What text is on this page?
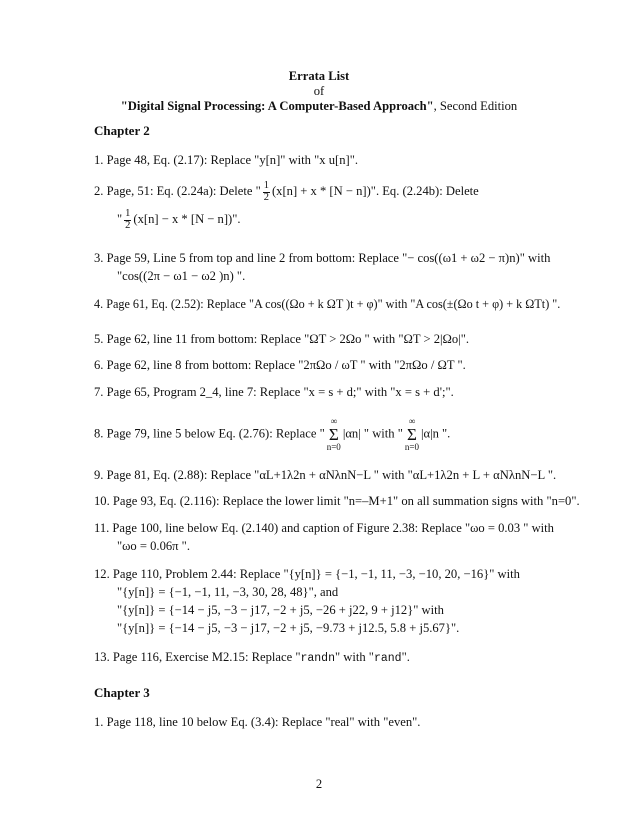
Errata List
of
"Digital Signal Processing: A Computer-Based Approach", Second Edition
Chapter 2
1. Page 48, Eq. (2.17): Replace "y[n]" with "x u[n]".
2. Page, 51: Eq. (2.24a): Delete " $\frac{1}{2} (x[n] + x * [N - n])$". Eq. (2.24b): Delete
" $\frac{1}{2} (x[n] - x * [N - n])$".
3. Page 59, Line 5 from top and line 2 from bottom: Replace "− cos((ω1 + ω2 − π)n)" with
"cos((2π − ω1 − ω2 )n) ".
4. Page 61, Eq. (2.52): Replace "A cos((Ωo + k ΩT )t + φ)" with "A cos(±(Ωo t + φ) + k ΩTt) ".
5. Page 62, line 11 from bottom: Replace "ΩT > 2Ωo " with "ΩT > 2|Ωo|".
6. Page 62, line 8 from bottom: Replace "2πΩo / ωT " with "2πΩo / ΩT ".
7. Page 65, Program 2_4, line 7: Replace "x = s + d;" with "x = s + d';".
8. Page 79, line 5 below Eq. (2.76): Replace "
∞
Σ
n=0
|αn| " with "
∞
Σ
n=0
|α|n ".
9. Page 81, Eq. (2.88): Replace "αL+1λ2n + αNλnN−L " with "αL+1λ2n + L + αNλnN−L ".
10. Page 93, Eq. (2.116): Replace the lower limit "n=–M+1" on all summation signs with "n=0".
11. Page 100, line below Eq. (2.140) and caption of Figure 2.38: Replace "ωo = 0.03 " with
"ωo = 0.06π ".
12. Page 110, Problem 2.44: Replace "{y[n]} = {−1, −1, 11, −3, −10, 20, −16}" with
"{y[n]} = {−1, −1, 11, −3, 30, 28, 48}", and
"{y[n]} = {−14 − j5, −3 − j17, −2 + j5, −26 + j22, 9 + j12}" with
"{y[n]} = {−14 − j5, −3 − j17, −2 + j5, −9.73 + j12.5, 5.8 + j5.67}".
13. Page 116, Exercise M2.15: Replace "randn" with "rand".
Chapter 3
1. Page 118, line 10 below Eq. (3.4): Replace "real" with "even".
2
